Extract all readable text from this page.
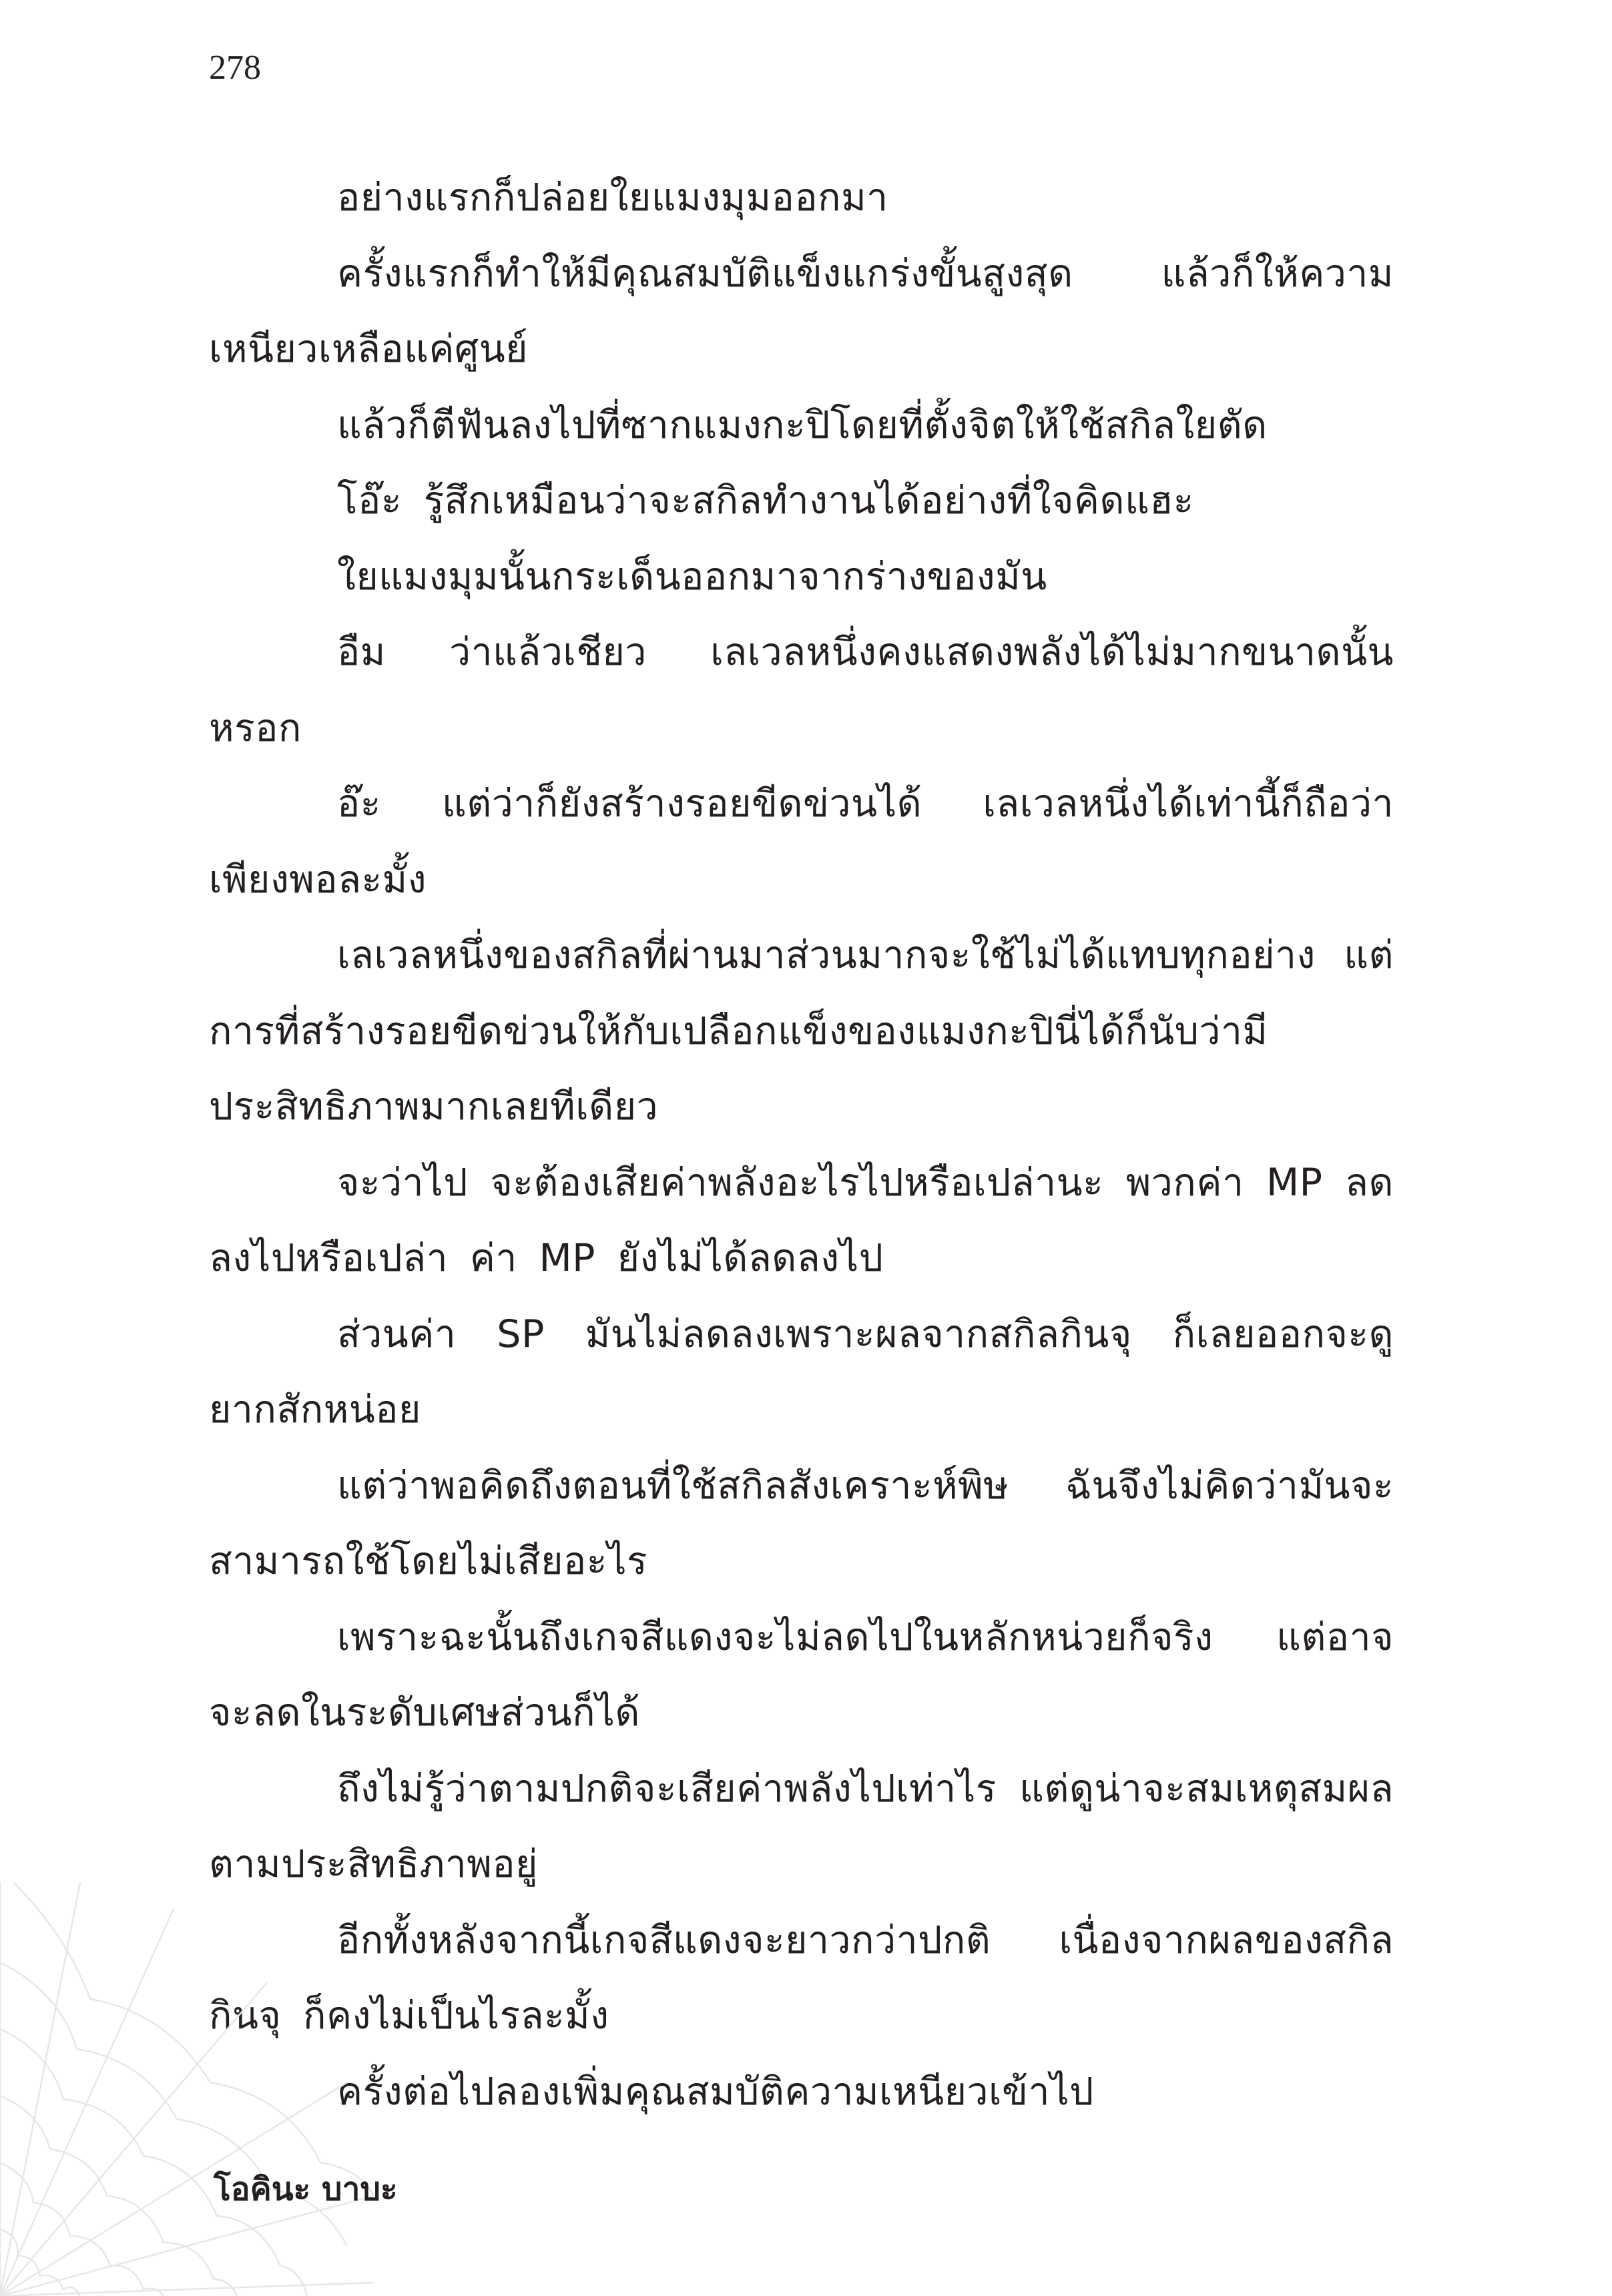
278

อย่างแรกก็ปล่อยใยแมงมุมออกมา

ครั้งแรกก็ทำให้มีคุณสมบัติแข็งแกร่งขั้นสูงสุด แล้วก็ให้ความเหนียวเหลือแค่ศูนย์

แล้วก็ตีฟันลงไปที่ซากแมงกะปิโดยที่ตั้งจิตให้ใช้สกิลใยตัด

โอ๊ะ รู้สึกเหมือนว่าจะสกิลทำงานได้อย่างที่ใจคิดแฮะ

ใยแมงมุมนั้นกระเด็นออกมาจากร่างของมัน

อืม ว่าแล้วเชียว เลเวลหนึ่งคงแสดงพลังได้ไม่มากขนาดนั้นหรอก

อ๊ะ แต่ว่าก็ยังสร้างรอยขีดข่วนได้ เลเวลหนึ่งได้เท่านี้ก็ถือว่าเพียงพอละมั้ง

เลเวลหนึ่งของสกิลที่ผ่านมาส่วนมากจะใช้ไม่ได้แทบทุกอย่าง แต่การที่สร้างรอยขีดข่วนให้กับเปลือกแข็งของแมงกะปินี่ได้ก็นับว่ามีประสิทธิภาพมากเลยทีเดียว

จะว่าไป จะต้องเสียค่าพลังอะไรไปหรือเปล่านะ พวกค่า MP ลดลงไปหรือเปล่า ค่า MP ยังไม่ได้ลดลงไป

ส่วนค่า SP มันไม่ลดลงเพราะผลจากสกิลกินจุ ก็เลยออกจะดูยากสักหน่อย

แต่ว่าพอคิดถึงตอนที่ใช้สกิลสังเคราะห์พิษ ฉันจึงไม่คิดว่ามันจะสามารถใช้โดยไม่เสียอะไร

เพราะฉะนั้นถึงเกจสีแดงจะไม่ลดไปในหลักหน่วยก็จริง แต่อาจจะลดในระดับเศษส่วนก็ได้

ถึงไม่รู้ว่าตามปกติจะเสียค่าพลังไปเท่าไร แต่ดูน่าจะสมเหตุสมผลตามประสิทธิภาพอยู่

อีกทั้งหลังจากนี้เกจสีแดงจะยาวกว่าปกติ เนื่องจากผลของสกิลกินจุ ก็คงไม่เป็นไรละมั้ง

ครั้งต่อไปลองเพิ่มคุณสมบัติความเหนียวเข้าไป

โอคินะ บาบะ
